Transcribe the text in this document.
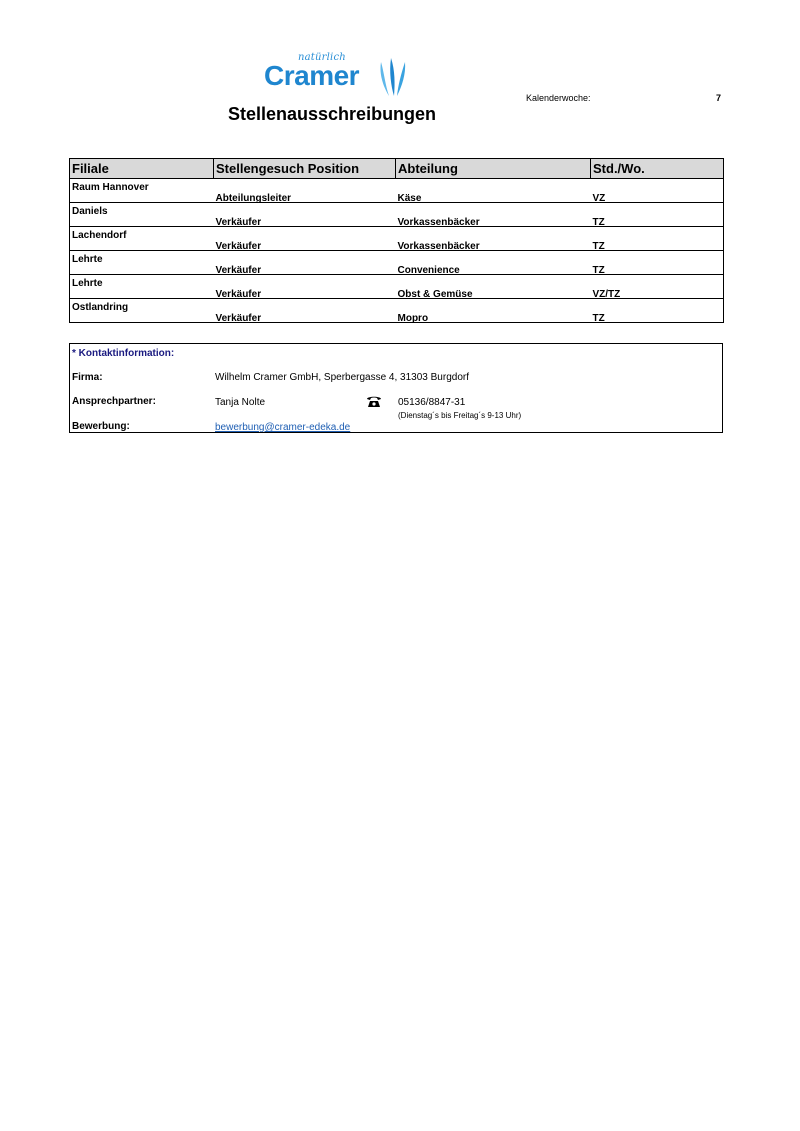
natürlich
Cramer
Stellenausschreibungen
Kalenderwoche:	7
Filiale	Stellengesuch Position	Abteilung	Std./Wo.

Raum Hannover	Abteilungsleiter	Käse	VZ

Daniels	Verkäufer	Vorkassenbäcker	TZ

Lachendorf	Verkäufer	Vorkassenbäcker	TZ

Lehrte	Verkäufer	Convenience	TZ

Lehrte	Verkäufer	Obst & Gemüse	VZ/TZ

Ostlandring	Verkäufer	Mopro	TZ
* Kontaktinformation:
Firma:	Wilhelm Cramer GmbH, Sperbergasse 4, 31303 Burgdorf
Ansprechpartner:	Tanja Nolte	05136/8847-31
(Dienstag´s bis Freitag´s 9-13 Uhr)
Bewerbung:	bewerbung@cramer-edeka.de
